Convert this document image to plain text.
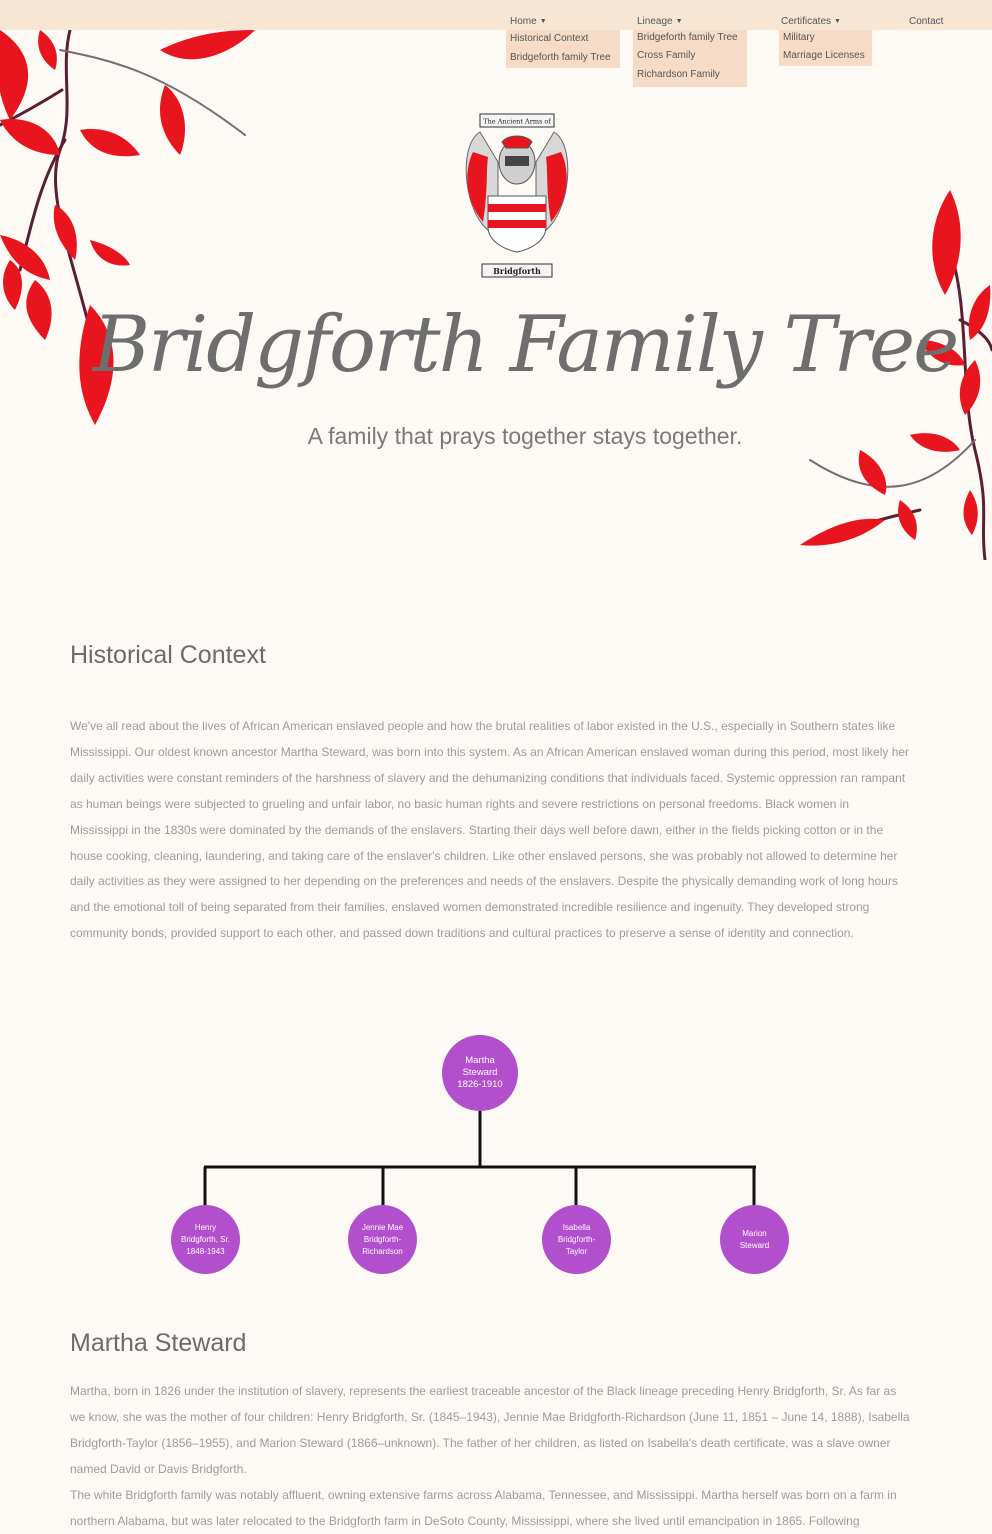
Home ▼	Lineage ▼	Certificates ▼	Contact
Historical Context
Bridgeforth family Tree
Bridgeforth family Tree
Cross Family
Richardson Family
Military
Marriage Licenses
The Ancient Arms of
Bridgforth
Bridgforth Family Tree
A family that prays together stays together.
Historical Context

We've all read about the lives of African American enslaved people and how the brutal realities of labor existed in the U.S., especially in Southern states like Mississippi. Our oldest known ancestor Martha Steward, was born into this system. As an African American enslaved woman during this period, most likely her daily activities were constant reminders of the harshness of slavery and the dehumanizing conditions that individuals faced. Systemic oppression ran rampant as human beings were subjected to grueling and unfair labor, no basic human rights and severe restrictions on personal freedoms. Black women in Mississippi in the 1830s were dominated by the demands of the enslavers. Starting their days well before dawn, either in the fields picking cotton or in the house cooking, cleaning, laundering, and taking care of the enslaver's children. Like other enslaved persons, she was probably not allowed to determine her daily activities as they were assigned to her depending on the preferences and needs of the enslavers. Despite the physically demanding work of long hours and the emotional toll of being separated from their families, enslaved women demonstrated incredible resilience and ingenuity. They developed strong community bonds, provided support to each other, and passed down traditions and cultural practices to preserve a sense of identity and connection.

Martha
Steward
1826-1910
Henry
Bridgforth, Sr.
1848-1943
Jennie Mae
Bridgforth-
Richardson
Isabella
Bridgforth-
Taylor
Marion
Steward
Martha Steward

Martha, born in 1826 under the institution of slavery, represents the earliest traceable ancestor of the Black lineage preceding Henry Bridgforth, Sr. As far as we know, she was the mother of four children: Henry Bridgforth, Sr. (1845–1943), Jennie Mae Bridgforth-Richardson (June 11, 1851 – June 14, 1888), Isabella Bridgforth-Taylor (1856–1955), and Marion Steward (1866–unknown). The father of her children, as listed on Isabella's death certificate, was a slave owner named David or Davis Bridgforth.

The white Bridgforth family was notably affluent, owning extensive farms across Alabama, Tennessee, and Mississippi. Martha herself was born on a farm in northern Alabama, but was later relocated to the Bridgforth farm in DeSoto County, Mississippi, where she lived until emancipation in 1865. Following
